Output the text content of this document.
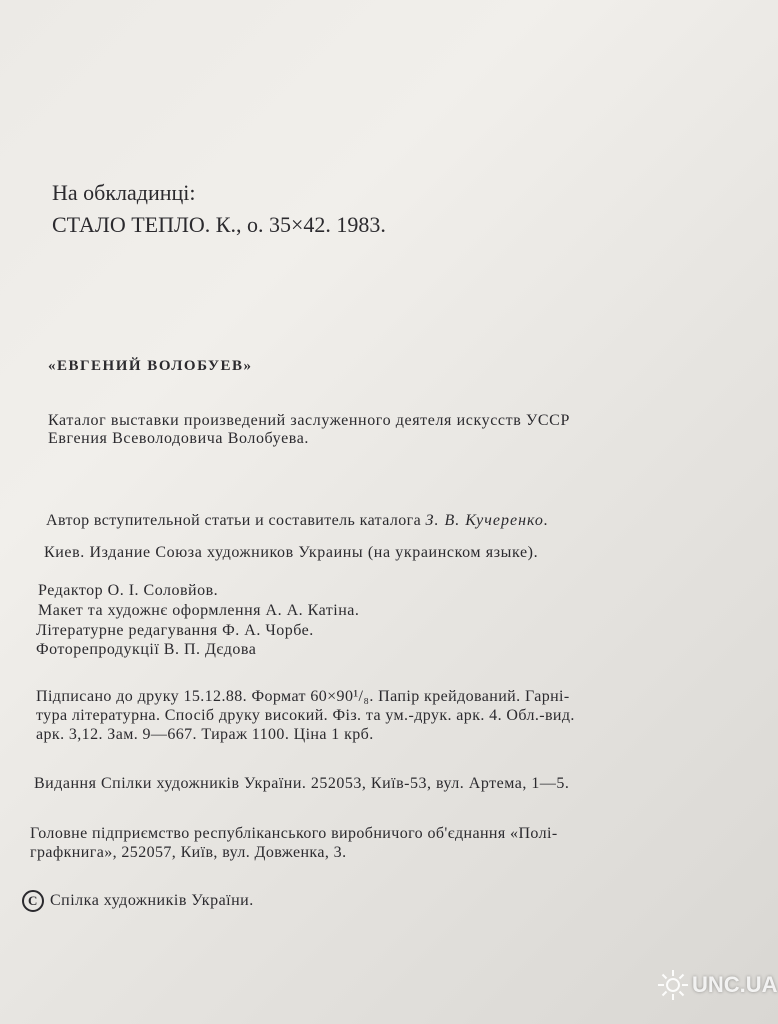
На обкладинці:

СТАЛО ТЕПЛО. К., о. 35×42. 1983.

«ЕВГЕНИЙ ВОЛОБУЕВ»

Каталог выставки произведений заслуженного деятеля искусств УССР

Евгения Всеволодовича Волобуева.

Автор вступительной статьи и составитель каталога З. В. Кучеренко.

Киев. Издание Союза художников Украины (на украинском языке).

Редактор О. І. Соловйов.

Макет та художнє оформлення А. А. Катіна.

Літературне редагування Ф. А. Чорбе.

Фоторепродукції В. П. Дєдова

Підписано до друку 15.12.88. Формат 60×90¹/₈. Папір крейдований. Гарні-

тура літературна. Спосіб друку високий. Фіз. та ум.-друк. арк. 4. Обл.-вид.

арк. 3,12. Зам. 9—667. Тираж 1100. Ціна 1 крб.

Видання Спілки художників України. 252053, Київ-53, вул. Артема, 1—5.

Головне підприємство республіканського виробничого об'єднання «Полі-

графкнига», 252057, Київ, вул. Довженка, 3.

C Спілка художників України.

UNC.UA
